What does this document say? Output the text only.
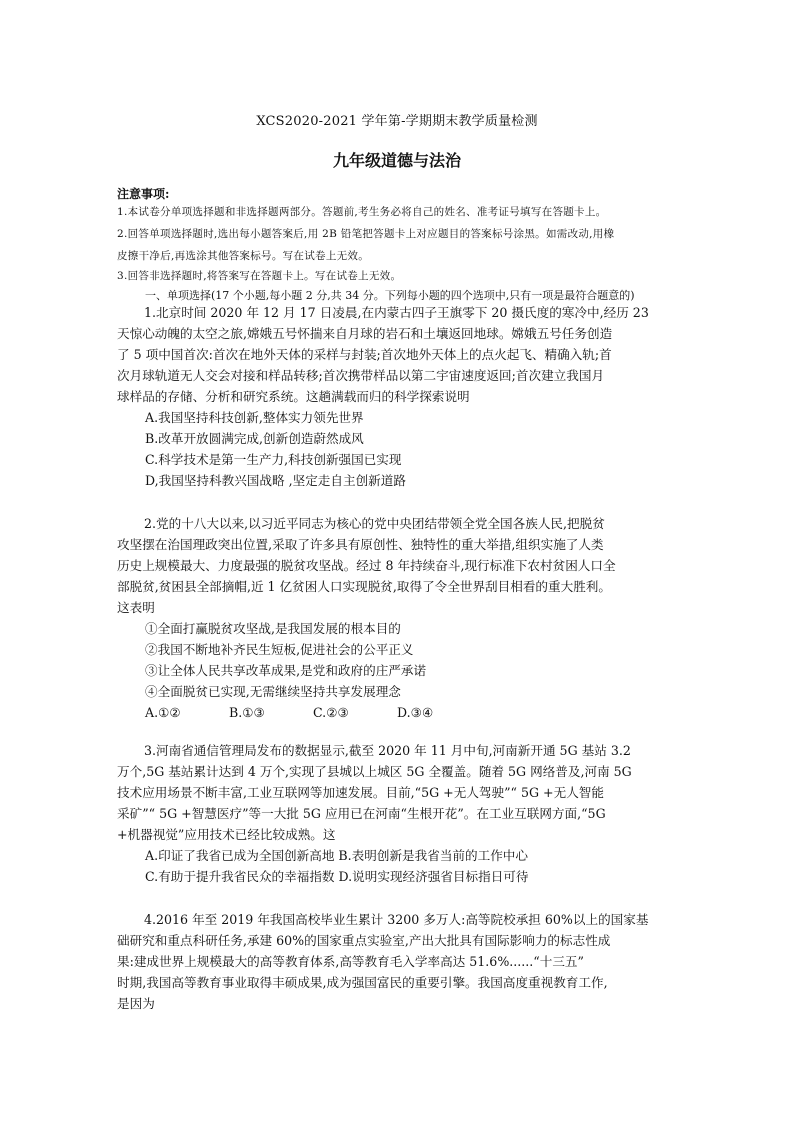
XCS2020-2021 学年第-学期期末教学质量检测
九年级道德与法治
注意事项:
1.本试卷分单项选择题和非选择题两部分。答题前,考生务必将自己的姓名、准考证号填写在答题卡上。
2.回答单项选择题时,选出每小题答案后,用 2B 铅笔把答题卡上对应题目的答案标号涂黑。如需改动,用橡
皮擦干净后,再选涂其他答案标号。写在试卷上无效。
3.回答非选择题时,将答案写在答题卡上。写在试卷上无效。
一、单项选择(17 个小题,每小题 2 分,共 34 分。下列每小题的四个选项中,只有一项是最符合题意的)

1.北京时间 2020 年 12 月 17 日凌晨,在内蒙古四子王旗零下 20 摄氏度的寒冷中,经历 23

天惊心动魄的太空之旅,嫦娥五号怀揣来自月球的岩石和土壤返回地球。嫦娥五号任务创造

了 5 项中国首次:首次在地外天体的采样与封装;首次地外天体上的点火起飞、精确入轨;首

次月球轨道无人交会对接和样品转移;首次携带样品以第二宇宙速度返回;首次建立我国月

球样品的存储、分析和研究系统。这趟满载而归的科学探索说明

A.我国坚持科技创新,整体实力领先世界

B.改革开放圆满完成,创新创造蔚然成风

C.科学技术是第一生产力,科技创新强国已实现

D,我国坚持科教兴国战略 ,坚定走自主创新道路

2.党的十八大以来,以习近平同志为核心的党中央团结带领全党全国各族人民,把脱贫

攻坚摆在治国理政突出位置,采取了许多具有原创性、独特性的重大举措,组织实施了人类

历史上规模最大、力度最强的脱贫攻坚战。经过 8 年持续奋斗,现行标准下农村贫困人口全

部脱贫,贫困县全部摘帽,近 1 亿贫困人口实现脱贫,取得了令全世界刮目相看的重大胜利。

这表明

①全面打赢脱贫攻坚战,是我国发展的根本目的

②我国不断地补齐民生短板,促进社会的公平正义

③让全体人民共享改革成果,是党和政府的庄严承诺

④全面脱贫已实现,无需继续坚持共享发展理念

A.①②	B.①③	C.②③	D.③④

3.河南省通信管理局发布的数据显示,截至 2020 年 11 月中旬,河南新开通 5G 基站 3.2

万个,5G 基站累计达到 4 万个,实现了县城以上城区 5G 全覆盖。随着 5G 网络普及,河南 5G

技术应用场景不断丰富,工业互联网等加速发展。目前,“5G +无人驾驶”“ 5G +无人智能

采矿”“ 5G +智慧医疗”等一大批 5G 应用已在河南“生根开花”。在工业互联网方面,“5G

+机器视觉”应用技术已经比较成熟。这

A.印证了我省已成为全国创新高地 B.表明创新是我省当前的工作中心

C.有助于提升我省民众的幸福指数 D.说明实现经济强省目标指日可待

4.2016 年至 2019 年我国高校毕业生累计 3200 多万人:高等院校承担 60%以上的国家基

础研究和重点科研任务,承建 60%的国家重点实验室,产出大批具有国际影响力的标志性成

果:建成世界上规模最大的高等教育体系,高等教育毛入学率高达 51.6%......“十三五”

时期,我国高等教育事业取得丰硕成果,成为强国富民的重要引擎。我国高度重视教育工作,

是因为
